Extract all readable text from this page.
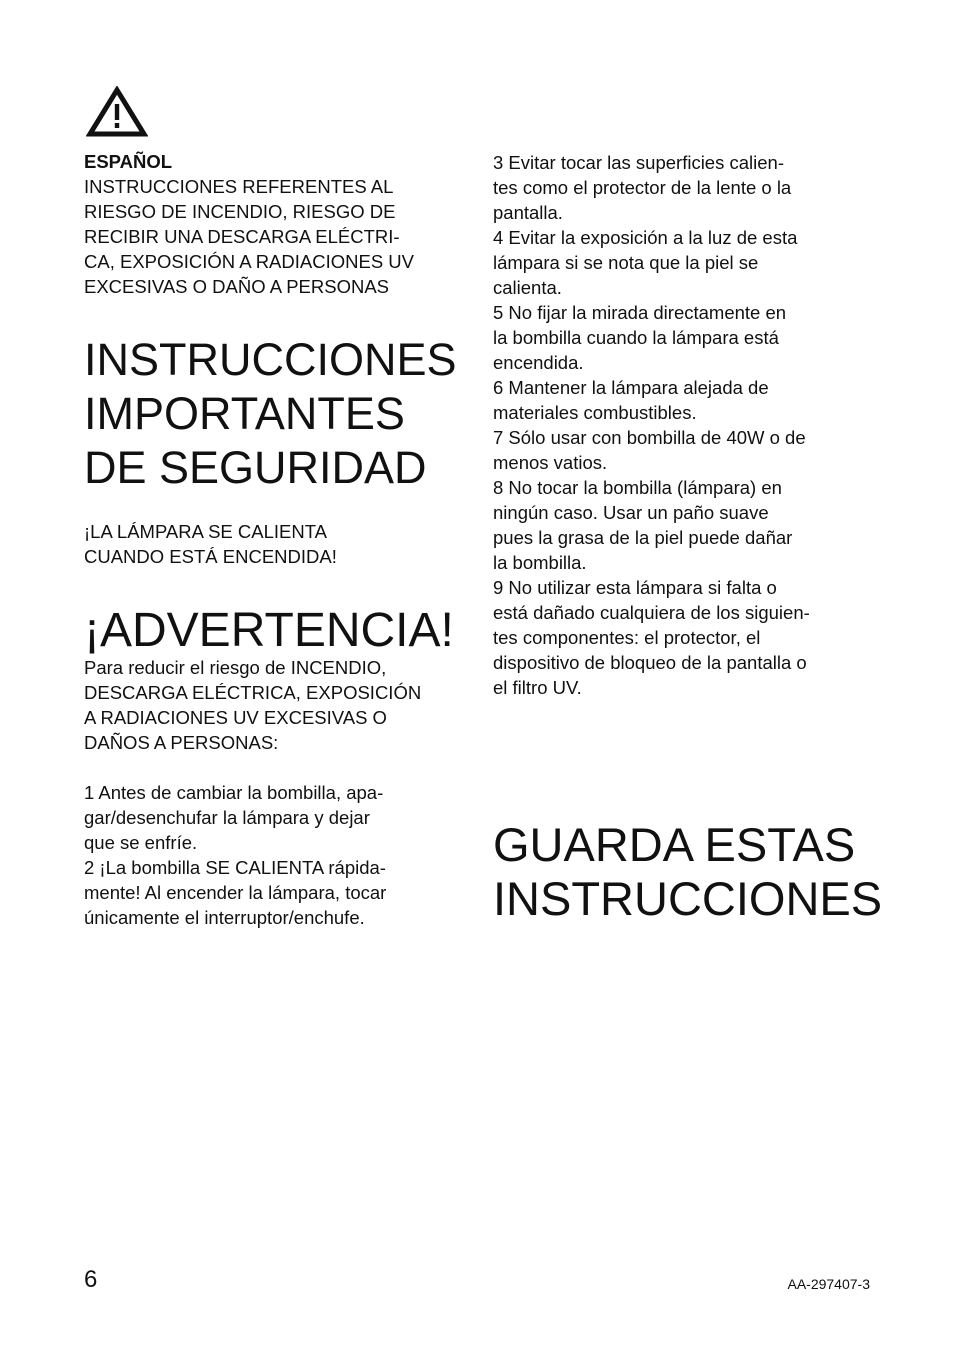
ESPAÑOL
INSTRUCCIONES REFERENTES AL
RIESGO DE INCENDIO, RIESGO DE
RECIBIR UNA DESCARGA ELÉCTRI-
CA, EXPOSICIÓN A RADIACIONES UV
EXCESIVAS O DAÑO A PERSONAS
INSTRUCCIONES
IMPORTANTES
DE SEGURIDAD
¡LA LÁMPARA SE CALIENTA
CUANDO ESTÁ ENCENDIDA!
¡ADVERTENCIA!
Para reducir el riesgo de INCENDIO,
DESCARGA ELÉCTRICA, EXPOSICIÓN
A RADIACIONES UV EXCESIVAS O
DAÑOS A PERSONAS:
1 Antes de cambiar la bombilla, apa-
gar/desenchufar la lámpara y dejar
que se enfríe.
2 ¡La bombilla SE CALIENTA rápida-
mente! Al encender la lámpara, tocar
únicamente el interruptor/enchufe.
3 Evitar tocar las superficies calien-
tes como el protector de la lente o la
pantalla.
4 Evitar la exposición a la luz de esta
lámpara si se nota que la piel se
calienta.
5 No fijar la mirada directamente en
la bombilla cuando la lámpara está
encendida.
6 Mantener la lámpara alejada de
materiales combustibles.
7 Sólo usar con bombilla de 40W o de
menos vatios.
8 No tocar la bombilla (lámpara) en
ningún caso. Usar un paño suave
pues la grasa de la piel puede dañar
la bombilla.
9 No utilizar esta lámpara si falta o
está dañado cualquiera de los siguien-
tes componentes: el protector, el
dispositivo de bloqueo de la pantalla o
el filtro UV.
GUARDA ESTAS
INSTRUCCIONES
6	AA-297407-3
